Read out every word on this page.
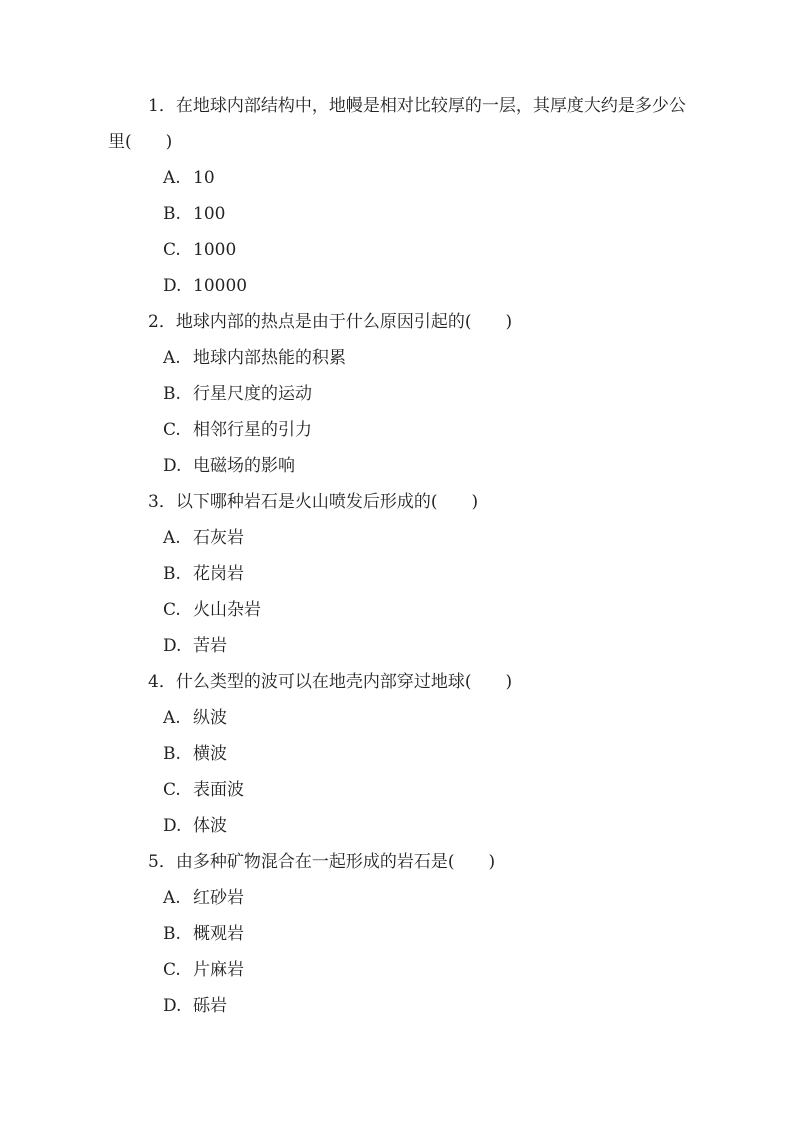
1．在地球内部结构中，地幔是相对比较厚的一层，其厚度大约是多少公里(　　)
A. 10
B. 100
C. 1000
D. 10000
2．地球内部的热点是由于什么原因引起的(　　)
A. 地球内部热能的积累
B. 行星尺度的运动
C. 相邻行星的引力
D. 电磁场的影响
3．以下哪种岩石是火山喷发后形成的(　　)
A. 石灰岩
B. 花岗岩
C. 火山杂岩
D. 苦岩
4．什么类型的波可以在地壳内部穿过地球(　　)
A. 纵波
B. 横波
C. 表面波
D. 体波
5．由多种矿物混合在一起形成的岩石是(　　)
A. 红砂岩
B. 概观岩
C. 片麻岩
D. 砾岩
